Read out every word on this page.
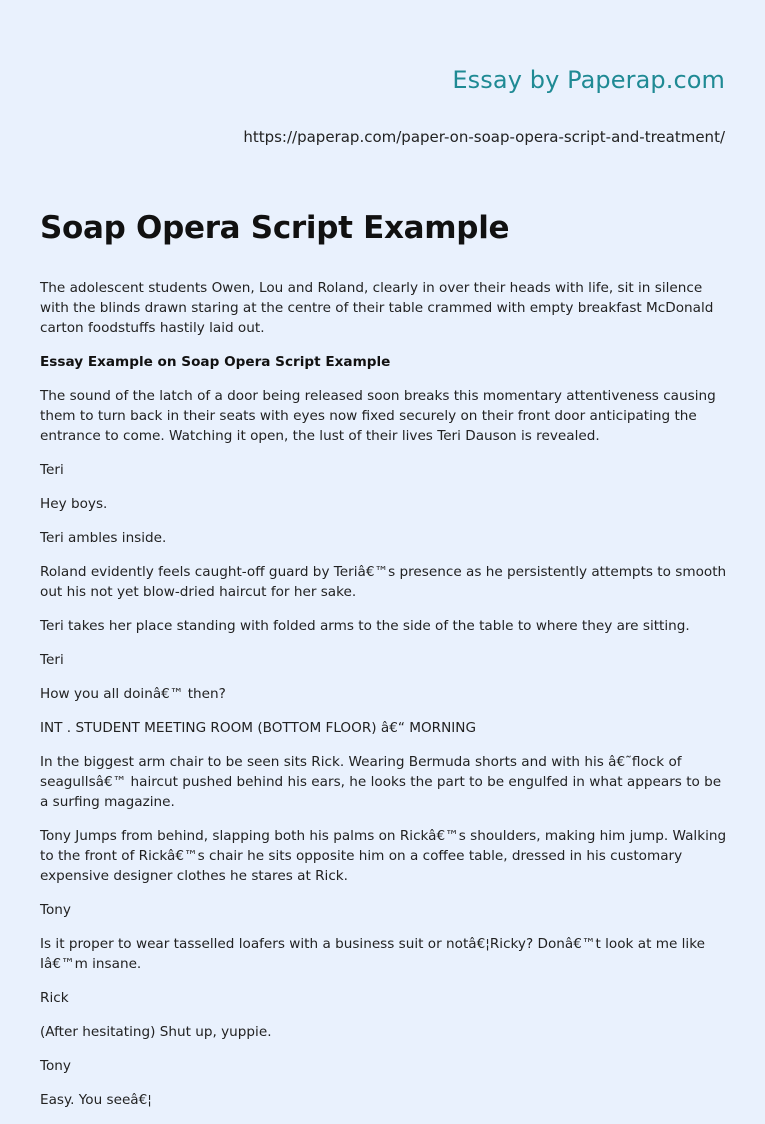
Essay by Paperap.com
https://paperap.com/paper-on-soap-opera-script-and-treatment/
Soap Opera Script Example

The adolescent students Owen, Lou and Roland, clearly in over their heads with life, sit in silence with the blinds drawn staring at the centre of their table crammed with empty breakfast McDonald carton foodstuffs hastily laid out.

Essay Example on Soap Opera Script Example

The sound of the latch of a door being released soon breaks this momentary attentiveness causing them to turn back in their seats with eyes now fixed securely on their front door anticipating the entrance to come. Watching it open, the lust of their lives Teri Dauson is revealed.

Teri

Hey boys.

Teri ambles inside.

Roland evidently feels caught-off guard by Teriâ€™s presence as he persistently attempts to smooth out his not yet blow-dried haircut for her sake.

Teri takes her place standing with folded arms to the side of the table to where they are sitting.

Teri

How you all doinâ€™ then?

INT . STUDENT MEETING ROOM (BOTTOM FLOOR) â€“ MORNING

In the biggest arm chair to be seen sits Rick. Wearing Bermuda shorts and with his â€˜flock of seagullsâ€™ haircut pushed behind his ears, he looks the part to be engulfed in what appears to be a surfing magazine.

Tony Jumps from behind, slapping both his palms on Rickâ€™s shoulders, making him jump. Walking to the front of Rickâ€™s chair he sits opposite him on a coffee table, dressed in his customary expensive designer clothes he stares at Rick.

Tony

Is it proper to wear tasselled loafers with a business suit or notâ€¦Ricky? Donâ€™t look at me like Iâ€™m insane.

Rick

(After hesitating) Shut up, yuppie.

Tony

Easy. You seeâ€¦
